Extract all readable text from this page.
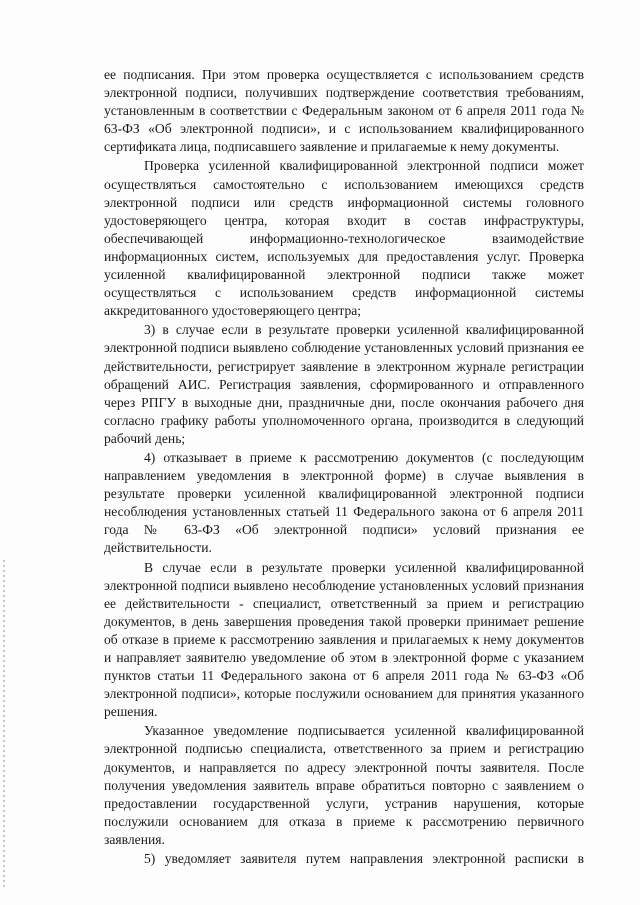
ее подписания. При этом проверка осуществляется с использованием средств электронной подписи, получивших подтверждение соответствия требованиям, установленным в соответствии с Федеральным законом от 6 апреля 2011 года № 63-ФЗ «Об электронной подписи», и с использованием квалифицированного сертификата лица, подписавшего заявление и прилагаемые к нему документы.

Проверка усиленной квалифицированной электронной подписи может осуществляться самостоятельно с использованием имеющихся средств электронной подписи или средств информационной системы головного удостоверяющего центра, которая входит в состав инфраструктуры, обеспечивающей информационно-технологическое взаимодействие информационных систем, используемых для предоставления услуг. Проверка усиленной квалифицированной электронной подписи также может осуществляться с использованием средств информационной системы аккредитованного удостоверяющего центра;

3) в случае если в результате проверки усиленной квалифицированной электронной подписи выявлено соблюдение установленных условий признания ее действительности, регистрирует заявление в электронном журнале регистрации обращений АИС. Регистрация заявления, сформированного и отправленного через РПГУ в выходные дни, праздничные дни, после окончания рабочего дня согласно графику работы уполномоченного органа, производится в следующий рабочий день;

4) отказывает в приеме к рассмотрению документов (с последующим направлением уведомления в электронной форме) в случае выявления в результате проверки усиленной квалифицированной электронной подписи несоблюдения установленных статьей 11 Федерального закона от 6 апреля 2011 года № 63-ФЗ «Об электронной подписи» условий признания ее действительности.

В случае если в результате проверки усиленной квалифицированной электронной подписи выявлено несоблюдение установленных условий признания ее действительности - специалист, ответственный за прием и регистрацию документов, в день завершения проведения такой проверки принимает решение об отказе в приеме к рассмотрению заявления и прилагаемых к нему документов и направляет заявителю уведомление об этом в электронной форме с указанием пунктов статьи 11 Федерального закона от 6 апреля 2011 года № 63-ФЗ «Об электронной подписи», которые послужили основанием для принятия указанного решения.

Указанное уведомление подписывается усиленной квалифицированной электронной подписью специалиста, ответственного за прием и регистрацию документов, и направляется по адресу электронной почты заявителя. После получения уведомления заявитель вправе обратиться повторно с заявлением о предоставлении государственной услуги, устранив нарушения, которые послужили основанием для отказа в приеме к рассмотрению первичного заявления.

5) уведомляет заявителя путем направления электронной расписки в
